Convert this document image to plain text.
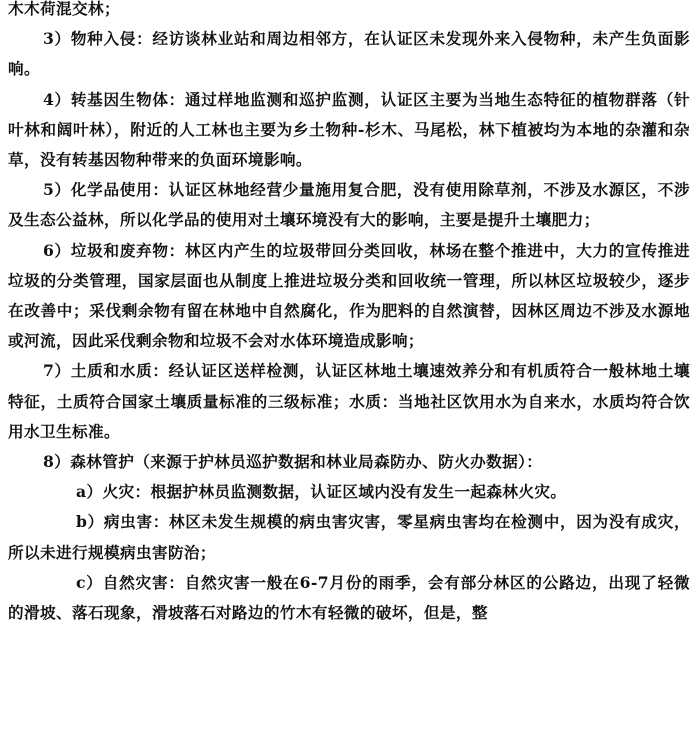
木木荷混交林；

3）物种入侵：经访谈林业站和周边相邻方，在认证区未发现外来入侵物种，未产生负面影响。

4）转基因生物体：通过样地监测和巡护监测，认证区主要为当地生态特征的植物群落（针叶林和阔叶林），附近的人工林也主要为乡土物种-杉木、马尾松，林下植被均为本地的杂灌和杂草，没有转基因物种带来的负面环境影响。

5）化学品使用：认证区林地经营少量施用复合肥，没有使用除草剂，不涉及水源区，不涉及生态公益林，所以化学品的使用对土壤环境没有大的影响，主要是提升土壤肥力；

6）垃圾和废弃物：林区内产生的垃圾带回分类回收，林场在整个推进中，大力的宣传推进垃圾的分类管理，国家层面也从制度上推进垃圾分类和回收统一管理，所以林区垃圾较少，逐步在改善中；采伐剩余物有留在林地中自然腐化，作为肥料的自然演替，因林区周边不涉及水源地或河流，因此采伐剩余物和垃圾不会对水体环境造成影响；

7）土质和水质：经认证区送样检测，认证区林地土壤速效养分和有机质符合一般林地土壤特征，土质符合国家土壤质量标准的三级标准；水质：当地社区饮用水为自来水，水质均符合饮用水卫生标准。

8）森林管护（来源于护林员巡护数据和林业局森防办、防火办数据）：

a）火灾：根据护林员监测数据，认证区域内没有发生一起森林火灾。

b）病虫害：林区未发生规模的病虫害灾害，零星病虫害均在检测中，因为没有成灾，所以未进行规模病虫害防治；

c）自然灾害：自然灾害一般在6-7月份的雨季，会有部分林区的公路边，出现了轻微的滑坡、落石现象，滑坡落石对路边的竹木有轻微的破坏，但是，整
